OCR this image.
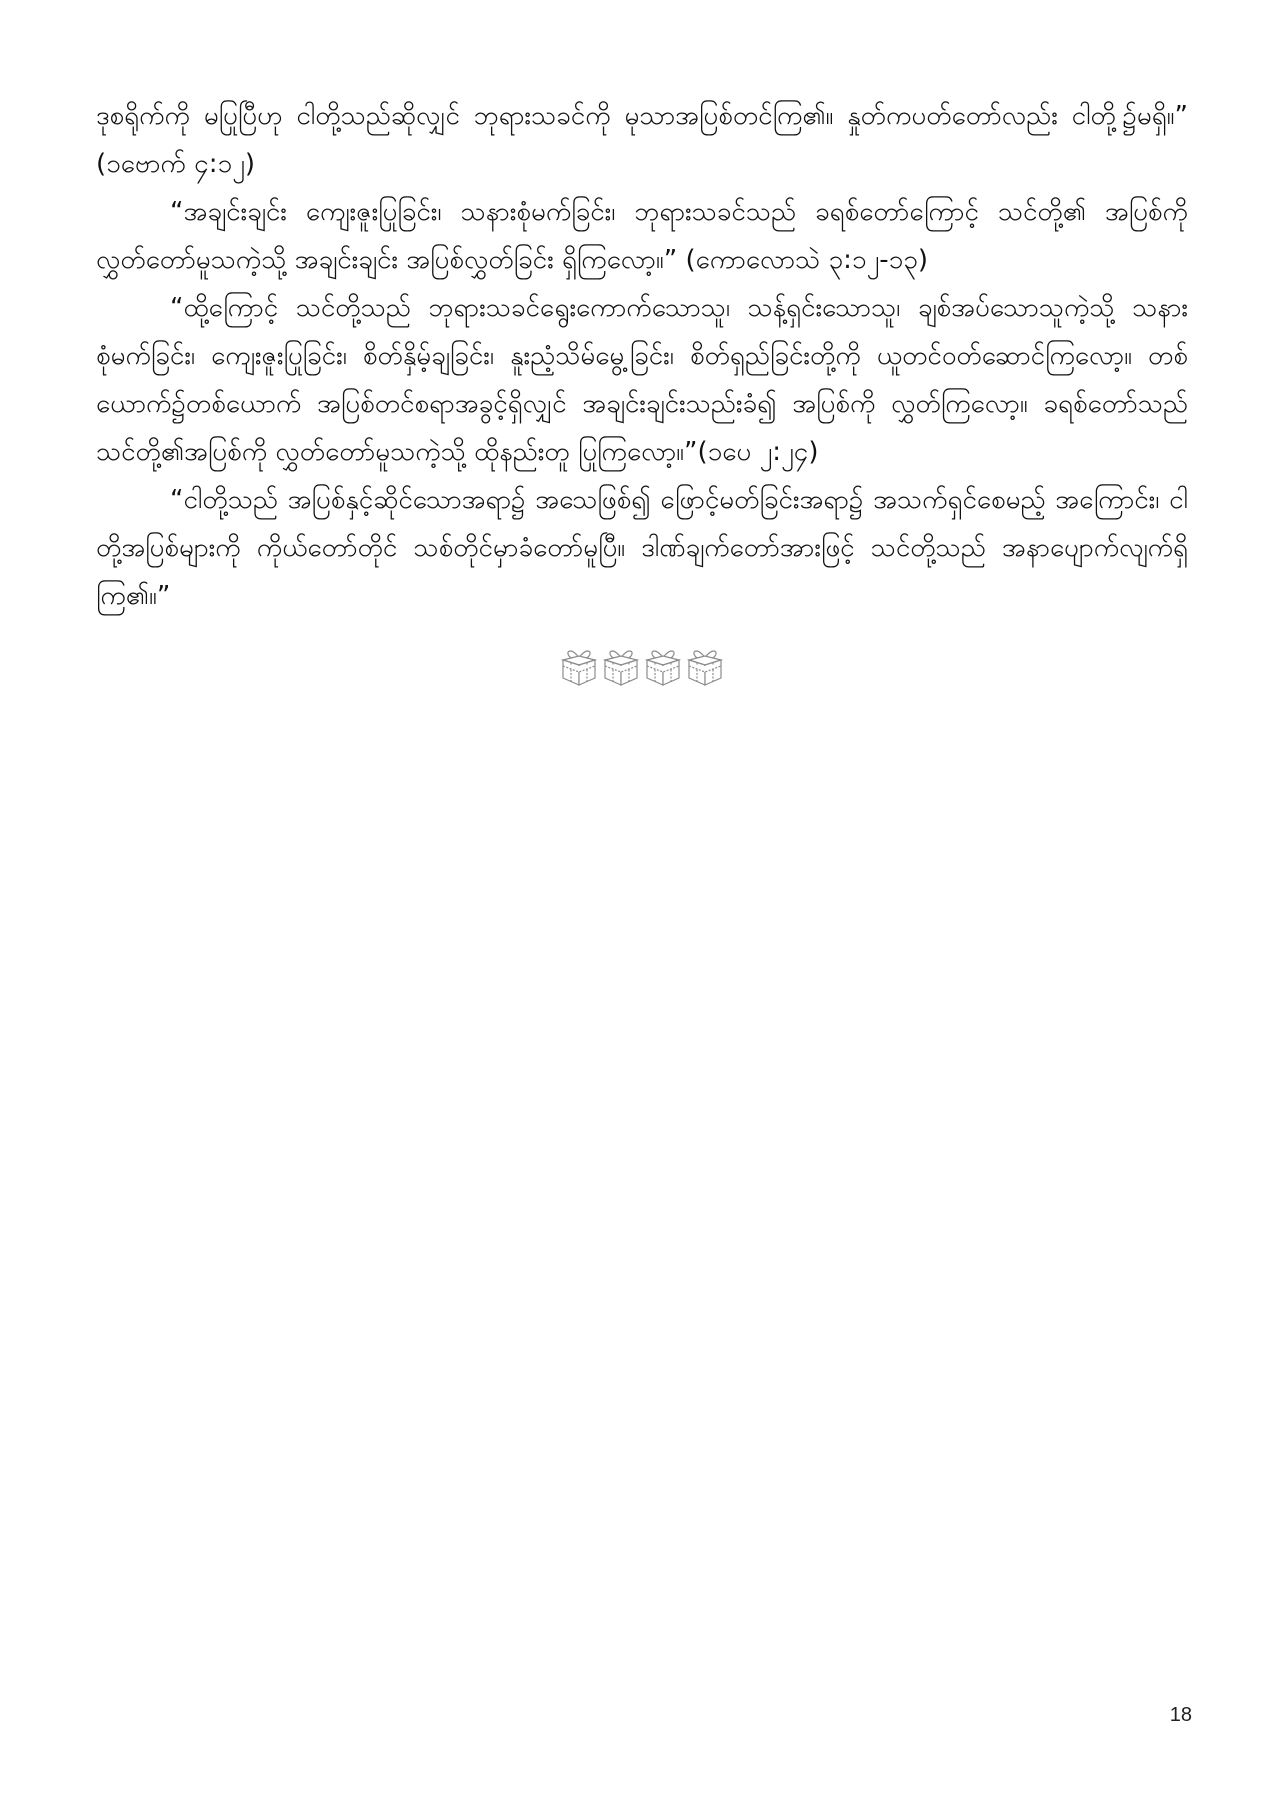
ဒုစရိုက်ကို မပြုပြီဟု ငါတို့သည်ဆိုလျှင် ဘုရားသခင်ကို မုသာအပြစ်တင်ကြ၏။ နှုတ်ကပတ်တော်လည်း ငါတို့၌မရှိ။” (၁ဗောက် ၄:၁၂)

“အချင်းချင်း ကျေးဇူးပြုခြင်း၊ သနားစုံမက်ခြင်း၊ ဘုရားသခင်သည် ခရစ်တော်ကြောင့် သင်တို့၏ အပြစ်ကိုလွှတ်တော်မူသကဲ့သို့ အချင်းချင်း အပြစ်လွှတ်ခြင်း ရှိကြလော့။” (ကောလောသဲ ၃:၁၂-၁၃)

“ထို့ကြောင့် သင်တို့သည် ဘုရားသခင်ရွေးကောက်သောသူ၊ သန့်ရှင်းသောသူ၊ ချစ်အပ်သောသူကဲ့သို့ သနားစုံမက်ခြင်း၊ ကျေးဇူးပြုခြင်း၊ စိတ်နှိမ့်ချခြင်း၊ နူးညံ့သိမ်မွေ့ခြင်း၊ စိတ်ရှည်ခြင်းတို့ကို ယူတင်ဝတ်ဆောင်ကြလော့။ တစ်ယောက်၌တစ်ယောက် အပြစ်တင်စရာအခွင့်ရှိလျှင် အချင်းချင်းသည်းခံ၍ အပြစ်ကို လွှတ်ကြလော့။ ခရစ်တော်သည် သင်တို့၏အပြစ်ကို လွှတ်တော်မူသကဲ့သို့ ထိုနည်းတူ ပြုကြလော့။”(၁ပေ ၂:၂၄)

“ငါတို့သည် အပြစ်နှင့်ဆိုင်သောအရာ၌ အသေဖြစ်၍ ဖြောင့်မတ်ခြင်းအရာ၌ အသက်ရှင်စေမည့် အကြောင်း၊ ငါတို့အပြစ်များကို ကိုယ်တော်တိုင် သစ်တိုင်မှာခံတော်မူပြီ။ ဒါဏ်ချက်တော်အားဖြင့် သင်တို့သည် အနာပျောက်လျက်ရှိကြ၏။”

18
